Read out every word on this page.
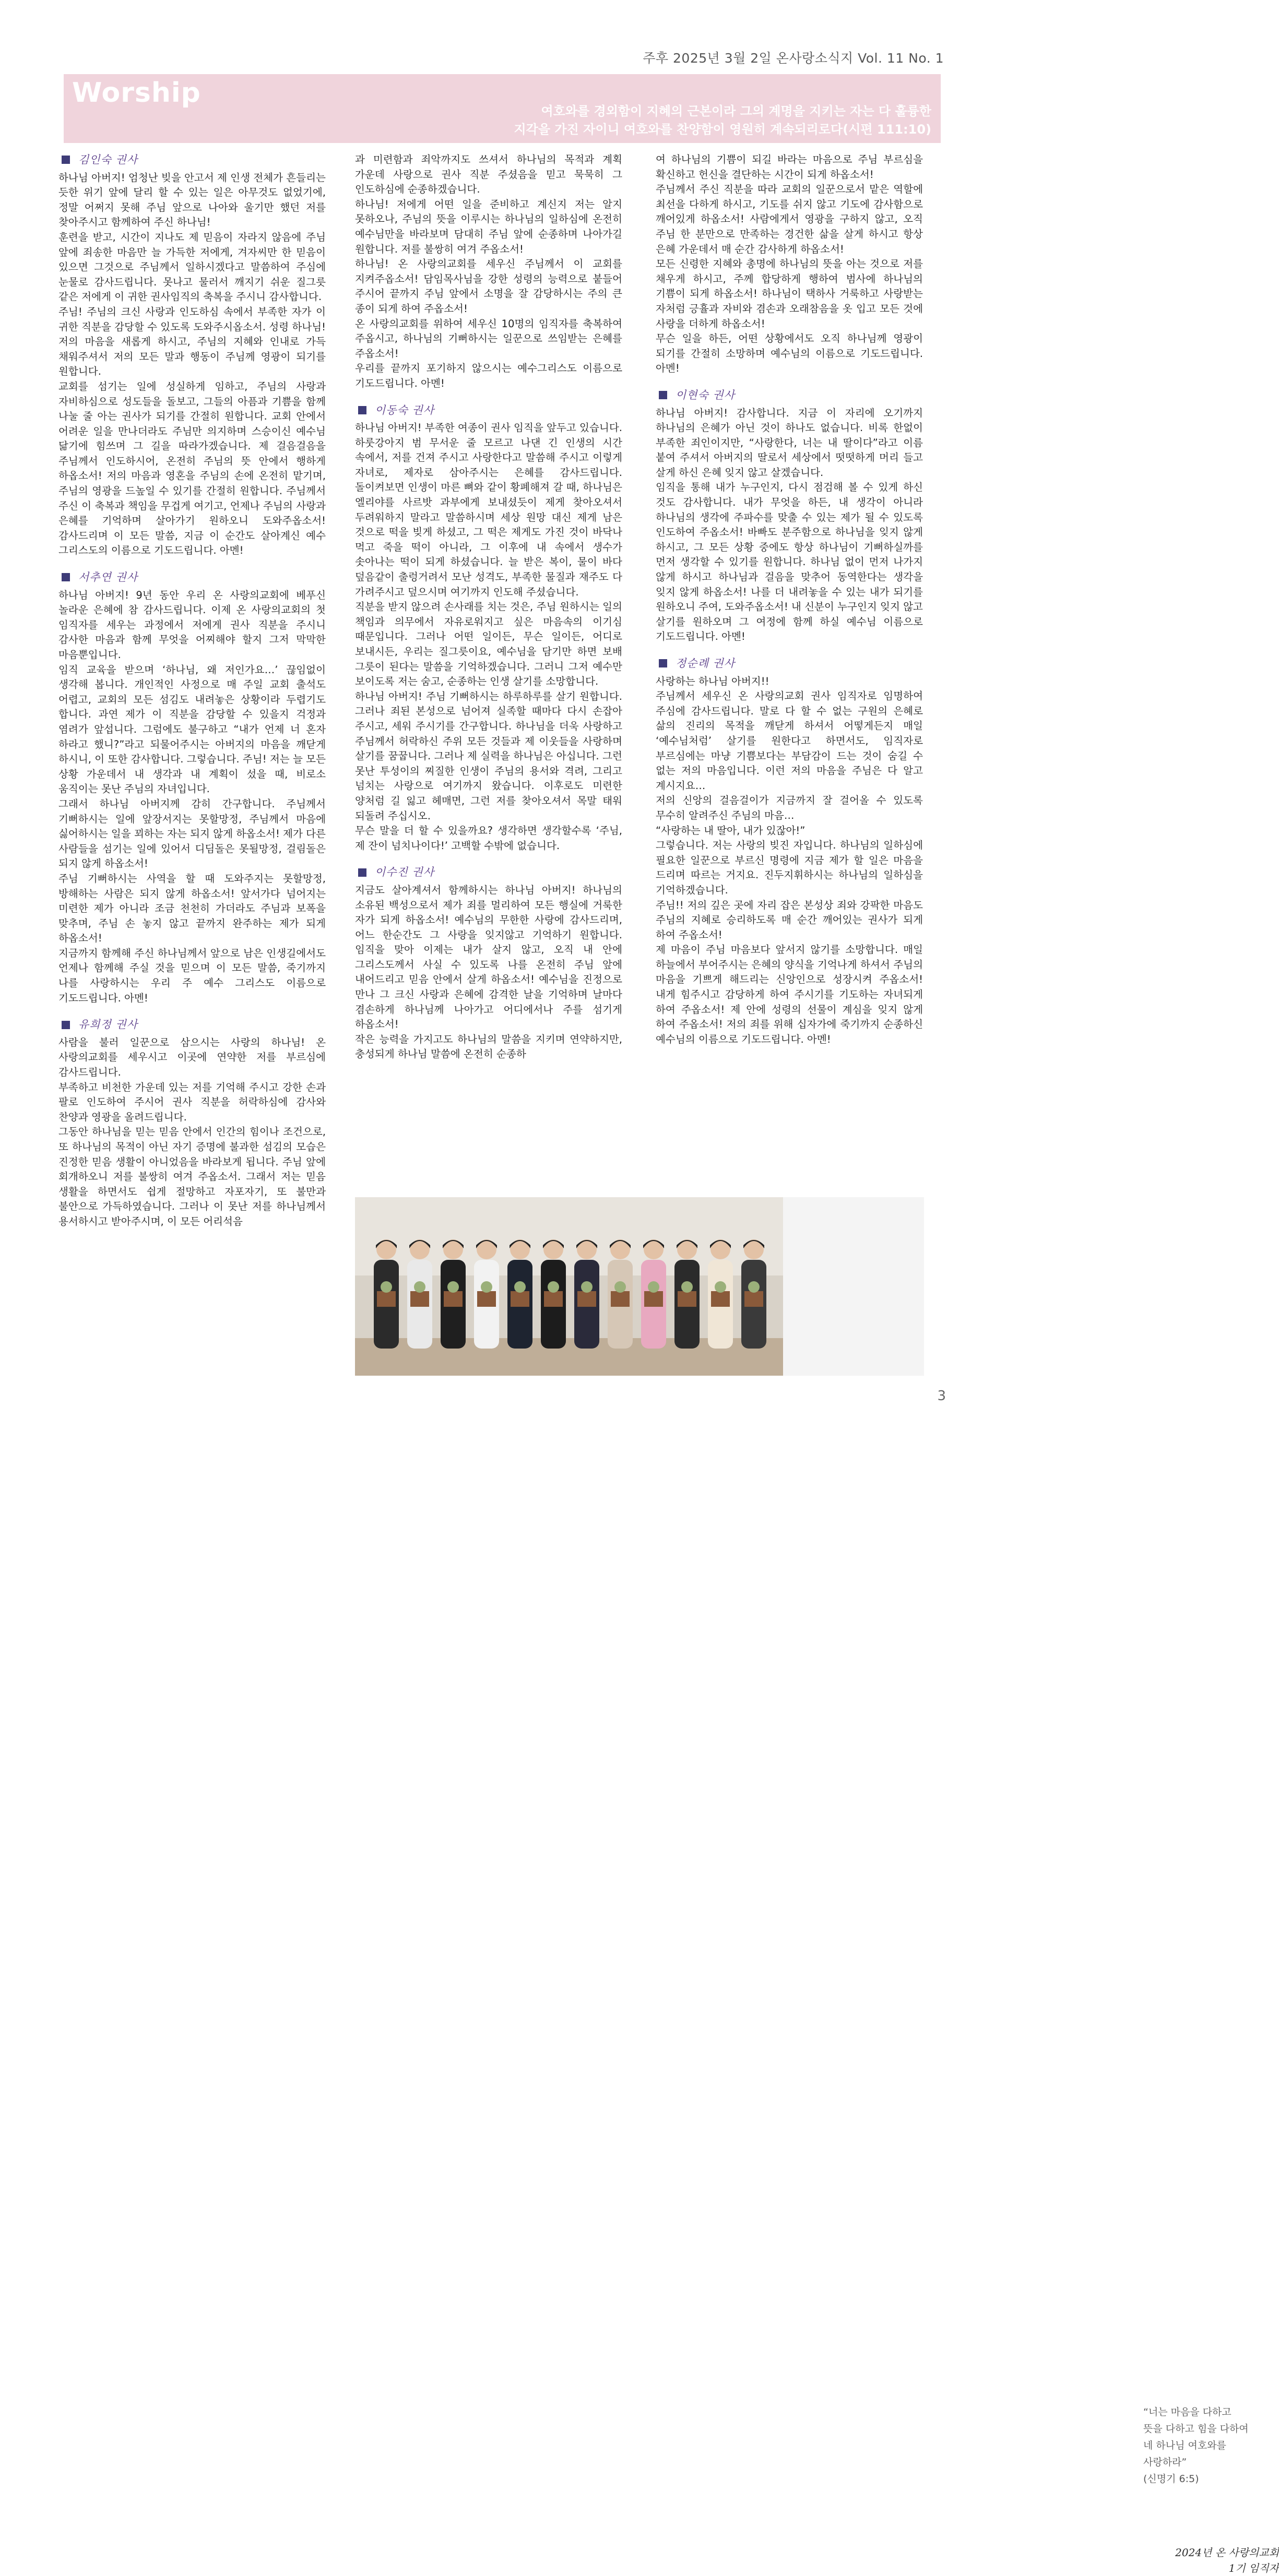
주후 2025년 3월 2일 온사랑소식지 Vol. 11 No. 1
Worship
여호와를 경외함이 지혜의 근본이라 그의 계명을 지키는 자는 다 훌륭한
지각을 가진 자이니 여호와를 찬양함이 영원히 계속되리로다(시편 111:10)
김인숙 권사
하나님 아버지! 엄청난 빚을 안고서 제 인생 전체가 흔들리는 듯한 위기 앞에 달리 할 수 있는 일은 아무것도 없었기에, 정말 어쩌지 못해 주님 앞으로 나아와 울기만 했던 저를 찾아주시고 함께하여 주신 하나님!
훈련을 받고, 시간이 지나도 제 믿음이 자라지 않음에 주님 앞에 죄송한 마음만 늘 가득한 저에게, 겨자씨만 한 믿음이 있으면 그것으로 주님께서 일하시겠다고 말씀하여 주심에 눈물로 감사드립니다. 못나고 물러서 깨지기 쉬운 질그릇 같은 저에게 이 귀한 권사임직의 축복을 주시니 감사합니다.
주님! 주님의 크신 사랑과 인도하심 속에서 부족한 자가 이 귀한 직분을 감당할 수 있도록 도와주시옵소서. 성령 하나님! 저의 마음을 새롭게 하시고, 주님의 지혜와 인내로 가득 채워주셔서 저의 모든 말과 행동이 주님께 영광이 되기를 원합니다.
교회를 섬기는 일에 성실하게 임하고, 주님의 사랑과 자비하심으로 성도들을 돌보고, 그들의 아픔과 기쁨을 함께 나눌 줄 아는 권사가 되기를 간절히 원합니다. 교회 안에서 어려운 일을 만나더라도 주님만 의지하며 스승이신 예수님 닮기에 힘쓰며 그 길을 따라가겠습니다. 제 걸음걸음을 주님께서 인도하시어, 온전히 주님의 뜻 안에서 행하게 하옵소서! 저의 마음과 영혼을 주님의 손에 온전히 맡기며, 주님의 영광을 드높일 수 있기를 간절히 원합니다. 주님께서 주신 이 축복과 책임을 무겁게 여기고, 언제나 주님의 사랑과 은혜를 기억하며 살아가기 원하오니 도와주옵소서! 감사드리며 이 모든 말씀, 지금 이 순간도 살아계신 예수 그리스도의 이름으로 기도드립니다. 아멘!
서추연 권사
하나님 아버지! 9년 동안 우리 온 사랑의교회에 베푸신 놀라운 은혜에 참 감사드립니다. 이제 온 사랑의교회의 첫 임직자를 세우는 과정에서 저에게 권사 직분을 주시니 감사한 마음과 함께 무엇을 어찌해야 할지 그저 막막한 마음뿐입니다.
임직 교육을 받으며 ‘하나님, 왜 저인가요…’ 끊임없이 생각해 봅니다. 개인적인 사정으로 매 주일 교회 출석도 어렵고, 교회의 모든 섬김도 내려놓은 상황이라 두렵기도 합니다. 과연 제가 이 직분을 감당할 수 있을지 걱정과 염려가 앞섭니다. 그럼에도 불구하고 “내가 언제 너 혼자 하라고 했니?”라고 되물어주시는 아버지의 마음을 깨닫게 하시니, 이 또한 감사합니다. 그렇습니다. 주님! 저는 늘 모든 상황 가운데서 내 생각과 내 계획이 섰을 때, 비로소 움직이는 못난 주님의 자녀입니다.
그래서 하나님 아버지께 감히 간구합니다. 주님께서 기뻐하시는 일에 앞장서지는 못할망정, 주님께서 마음에 싫어하시는 일을 꾀하는 자는 되지 않게 하옵소서! 제가 다른 사람들을 섬기는 일에 있어서 디딤돌은 못될망정, 걸림돌은 되지 않게 하옵소서!
주님 기뻐하시는 사역을 할 때 도와주지는 못할망정, 방해하는 사람은 되지 않게 하옵소서! 앞서가다 넘어지는 미련한 제가 아니라 조금 천천히 가더라도 주님과 보폭을 맞추며, 주님 손 놓지 않고 끝까지 완주하는 제가 되게 하옵소서!
지금까지 함께해 주신 하나님께서 앞으로 남은 인생길에서도 언제나 함께해 주실 것을 믿으며 이 모든 말씀, 죽기까지 나를 사랑하시는 우리 주 예수 그리스도 이름으로 기도드립니다. 아멘!
유희정 권사
사람을 불러 일꾼으로 삼으시는 사랑의 하나님! 온 사랑의교회를 세우시고 이곳에 연약한 저를 부르심에 감사드립니다.
부족하고 비천한 가운데 있는 저를 기억해 주시고 강한 손과 팔로 인도하여 주시어 권사 직분을 허락하심에 감사와 찬양과 영광을 올려드립니다.
그동안 하나님을 믿는 믿음 안에서 인간의 힘이나 조건으로, 또 하나님의 목적이 아닌 자기 증명에 불과한 섬김의 모습은 진정한 믿음 생활이 아니었음을 바라보게 됩니다. 주님 앞에 회개하오니 저를 불쌍히 여겨 주옵소서. 그래서 저는 믿음 생활을 하면서도 쉽게 절망하고 자포자기, 또 불만과 불안으로 가득하였습니다. 그러나 이 못난 저를 하나님께서 용서하시고 받아주시며, 이 모든 어리석음
과 미련함과 죄악까지도 쓰셔서 하나님의 목적과 계획 가운데 사랑으로 권사 직분 주셨음을 믿고 묵묵히 그 인도하심에 순종하겠습니다.
하나님! 저에게 어떤 일을 준비하고 계신지 저는 알지 못하오나, 주님의 뜻을 이루시는 하나님의 일하심에 온전히 예수님만을 바라보며 담대히 주님 앞에 순종하며 나아가길 원합니다. 저를 불쌍히 여겨 주옵소서!
하나님! 온 사랑의교회를 세우신 주님께서 이 교회를 지켜주옵소서! 담임목사님을 강한 성령의 능력으로 붙들어 주시어 끝까지 주님 앞에서 소명을 잘 감당하시는 주의 큰 종이 되게 하여 주옵소서!
온 사랑의교회를 위하여 세우신 10명의 임직자를 축복하여 주옵시고, 하나님의 기뻐하시는 일꾼으로 쓰임받는 은혜를 주옵소서!
우리를 끝까지 포기하지 않으시는 예수그리스도 이름으로 기도드립니다. 아멘!
이동숙 권사
하나님 아버지! 부족한 여종이 권사 임직을 앞두고 있습니다. 하룻강아지 범 무서운 줄 모르고 나댄 긴 인생의 시간 속에서, 저를 건져 주시고 사랑한다고 말씀해 주시고 이렇게 자녀로, 제자로 삼아주시는 은혜를 감사드립니다. 돌이켜보면 인생이 마른 뼈와 같이 황폐해져 갈 때, 하나님은 엘리야를 사르밧 과부에게 보내셨듯이 제게 찾아오셔서 두려워하지 말라고 말씀하시며 세상 원망 대신 제게 남은 것으로 떡을 빚게 하셨고, 그 떡은 제게도 가진 것이 바닥나 먹고 죽을 떡이 아니라, 그 이후에 내 속에서 생수가 솟아나는 떡이 되게 하셨습니다. 늘 받은 복이, 물이 바다 덮음같이 출렁거려서 모난 성격도, 부족한 물질과 재주도 다 가려주시고 덮으시며 여기까지 인도해 주셨습니다.
직분을 받지 않으려 손사래를 치는 것은, 주님 원하시는 일의 책임과 의무에서 자유로워지고 싶은 마음속의 이기심 때문입니다. 그러나 어떤 일이든, 무슨 일이든, 어디로 보내시든, 우리는 질그릇이요, 예수님을 담기만 하면 보배 그릇이 된다는 말씀을 기억하겠습니다. 그러니 그저 예수만 보이도록 저는 숨고, 순종하는 인생 살기를 소망합니다.
하나님 아버지! 주님 기뻐하시는 하루하루를 살기 원합니다. 그러나 죄된 본성으로 넘어져 실족할 때마다 다시 손잡아 주시고, 세워 주시기를 간구합니다. 하나님을 더욱 사랑하고 주님께서 허락하신 주위 모든 것들과 제 이웃들을 사랑하며 살기를 꿈꿉니다. 그러나 제 실력을 하나님은 아십니다. 그런 못난 투성이의 찌질한 인생이 주님의 용서와 격려, 그리고 넘치는 사랑으로 여기까지 왔습니다. 이후로도 미련한 양처럼 길 잃고 헤매면, 그런 저를 찾아오셔서 목말 태워 되돌려 주십시오.
무슨 말을 더 할 수 있을까요? 생각하면 생각할수록 ‘주님, 제 잔이 넘치나이다!’ 고백할 수밖에 없습니다.
이수진 권사
지금도 살아계셔서 함께하시는 하나님 아버지! 하나님의 소유된 백성으로서 제가 죄를 멀리하여 모든 행실에 거룩한 자가 되게 하옵소서! 예수님의 무한한 사랑에 감사드리며, 어느 한순간도 그 사랑을 잊지않고 기억하기 원합니다. 임직을 맞아 이제는 내가 살지 않고, 오직 내 안에 그리스도께서 사실 수 있도록 나를 온전히 주님 앞에 내어드리고 믿음 안에서 살게 하옵소서! 예수님을 진정으로 만나 그 크신 사랑과 은혜에 감격한 날을 기억하며 날마다 겸손하게 하나님께 나아가고 어디에서나 주를 섬기게 하옵소서!
작은 능력을 가지고도 하나님의 말씀을 지키며 연약하지만, 충성되게 하나님 말씀에 온전히 순종하
여 하나님의 기쁨이 되길 바라는 마음으로 주님 부르심을 확신하고 헌신을 결단하는 시간이 되게 하옵소서!
주님께서 주신 직분을 따라 교회의 일꾼으로서 맡은 역할에 최선을 다하게 하시고, 기도를 쉬지 않고 기도에 감사함으로 깨어있게 하옵소서! 사람에게서 영광을 구하지 않고, 오직 주님 한 분만으로 만족하는 경건한 삶을 살게 하시고 항상 은혜 가운데서 매 순간 감사하게 하옵소서!
모든 신령한 지혜와 총명에 하나님의 뜻을 아는 것으로 저를 채우게 하시고, 주께 합당하게 행하여 범사에 하나님의 기쁨이 되게 하옵소서! 하나님이 택하사 거룩하고 사랑받는 자처럼 긍휼과 자비와 겸손과 오래참음을 옷 입고 모든 것에 사랑을 더하게 하옵소서!
무슨 일을 하든, 어떤 상황에서도 오직 하나님께 영광이 되기를 간절히 소망하며 예수님의 이름으로 기도드립니다. 아멘!
이현숙 권사
하나님 아버지! 감사합니다. 지금 이 자리에 오기까지 하나님의 은혜가 아닌 것이 하나도 없습니다. 비록 한없이 부족한 죄인이지만, “사랑한다, 너는 내 딸이다”라고 이름 붙여 주셔서 아버지의 딸로서 세상에서 떳떳하게 머리 들고 살게 하신 은혜 잊지 않고 살겠습니다.
임직을 통해 내가 누구인지, 다시 점검해 볼 수 있게 하신 것도 감사합니다. 내가 무엇을 하든, 내 생각이 아니라 하나님의 생각에 주파수를 맞출 수 있는 제가 될 수 있도록 인도하여 주옵소서! 바빠도 분주함으로 하나님을 잊지 않게 하시고, 그 모든 상황 중에도 항상 하나님이 기뻐하실까를 먼저 생각할 수 있기를 원합니다. 하나님 없이 먼저 나가지 않게 하시고 하나님과 걸음을 맞추어 동역한다는 생각을 잊지 않게 하옵소서! 나를 더 내려놓을 수 있는 내가 되기를 원하오니 주여, 도와주옵소서! 내 신분이 누구인지 잊지 않고 살기를 원하오며 그 여정에 함께 하실 예수님 이름으로 기도드립니다. 아멘!
정순례 권사
사랑하는 하나님 아버지!!
주님께서 세우신 온 사랑의교회 권사 임직자로 임명하여 주심에 감사드립니다. 말로 다 할 수 없는 구원의 은혜로 삶의 진리의 목적을 깨닫게 하셔서 어떻게든지 매일 ‘예수님처럼’ 살기를 원한다고 하면서도, 임직자로 부르심에는 마냥 기쁨보다는 부담감이 드는 것이 숨길 수 없는 저의 마음입니다. 이런 저의 마음을 주님은 다 알고 계시지요…
저의 신앙의 걸음걸이가 지금까지 잘 걸어올 수 있도록 무수히 알려주신 주님의 마음…
“사랑하는 내 딸아, 내가 있잖아!”
그렇습니다. 저는 사랑의 빚진 자입니다. 하나님의 일하심에 필요한 일꾼으로 부르신 명령에 지금 제가 할 일은 마음을 드리며 따르는 거지요. 진두지휘하시는 하나님의 일하심을 기억하겠습니다.
주님!! 저의 깊은 곳에 자리 잡은 본성상 죄와 강팍한 마음도 주님의 지혜로 승리하도록 매 순간 깨어있는 권사가 되게 하여 주옵소서!
제 마음이 주님 마음보다 앞서지 않기를 소망합니다. 매일 하늘에서 부어주시는 은혜의 양식을 기억나게 하셔서 주님의 마음을 기쁘게 해드리는 신앙인으로 성장시켜 주옵소서! 내게 힘주시고 감당하게 하여 주시기를 기도하는 자녀되게 하여 주옵소서! 제 안에 성령의 선물이 계심을 잊지 않게 하여 주옵소서! 저의 죄를 위해 십자가에 죽기까지 순종하신 예수님의 이름으로 기도드립니다. 아멘!
“너는 마음을 다하고
뜻을 다하고 힘을 다하여
네 하나님 여호와를
사랑하라”
(신명기 6:5)
2024년 온 사랑의교회
1기 임직자
3
